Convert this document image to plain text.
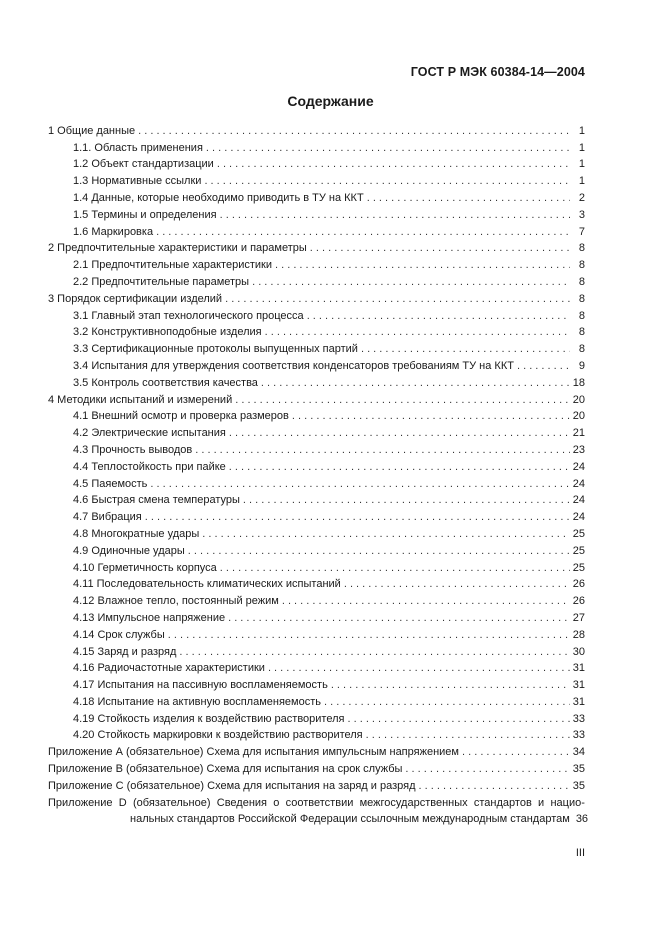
ГОСТ Р МЭК 60384-14—2004
Содержание
1 Общие данные . . .	1
1.1. Область применения . . .	1
1.2 Объект стандартизации . . .	1
1.3 Нормативные ссылки . . .	1
1.4 Данные, которые необходимо приводить в ТУ на ККТ . . .	2
1.5 Термины и определения . . .	3
1.6 Маркировка . . .	7
2 Предпочтительные характеристики и параметры . . .	8
2.1 Предпочтительные характеристики . . .	8
2.2 Предпочтительные параметры . . .	8
3 Порядок сертификации изделий . . .	8
3.1 Главный этап технологического процесса . . .	8
3.2 Конструктивноподобные изделия . . .	8
3.3 Сертификационные протоколы выпущенных партий . . .	8
3.4 Испытания для утверждения соответствия конденсаторов требованиям ТУ на ККТ . . .	9
3.5 Контроль соответствия качества . . .	18
4 Методики испытаний и измерений . . .	20
4.1 Внешний осмотр и проверка размеров . . .	20
4.2 Электрические испытания . . .	21
4.3 Прочность выводов . . .	23
4.4 Теплостойкость при пайке . . .	24
4.5 Паяемость . . .	24
4.6 Быстрая смена температуры . . .	24
4.7 Вибрация . . .	24
4.8 Многократные удары . . .	25
4.9 Одиночные удары . . .	25
4.10 Герметичность корпуса . . .	25
4.11 Последовательность климатических испытаний . . .	26
4.12 Влажное тепло, постоянный режим . . .	26
4.13 Импульсное напряжение . . .	27
4.14 Срок службы . . .	28
4.15 Заряд и разряд . . .	30
4.16 Радиочастотные характеристики . . .	31
4.17 Испытания на пассивную воспламеняемость . . .	31
4.18 Испытание на активную воспламеняемость . . .	31
4.19 Стойкость изделия к воздействию растворителя . . .	33
4.20 Стойкость маркировки к воздействию растворителя . . .	33
Приложение А (обязательное) Схема для испытания импульсным напряжением . . .	34
Приложение В (обязательное) Схема для испытания на срок службы . . .	35
Приложение С (обязательное) Схема для испытания на заряд и разряд . . .	35
Приложение D (обязательное) Сведения о соответствии межгосударственных стандартов и нацио-
нальных стандартов Российской Федерации ссылочным международным стандартам 36
III
